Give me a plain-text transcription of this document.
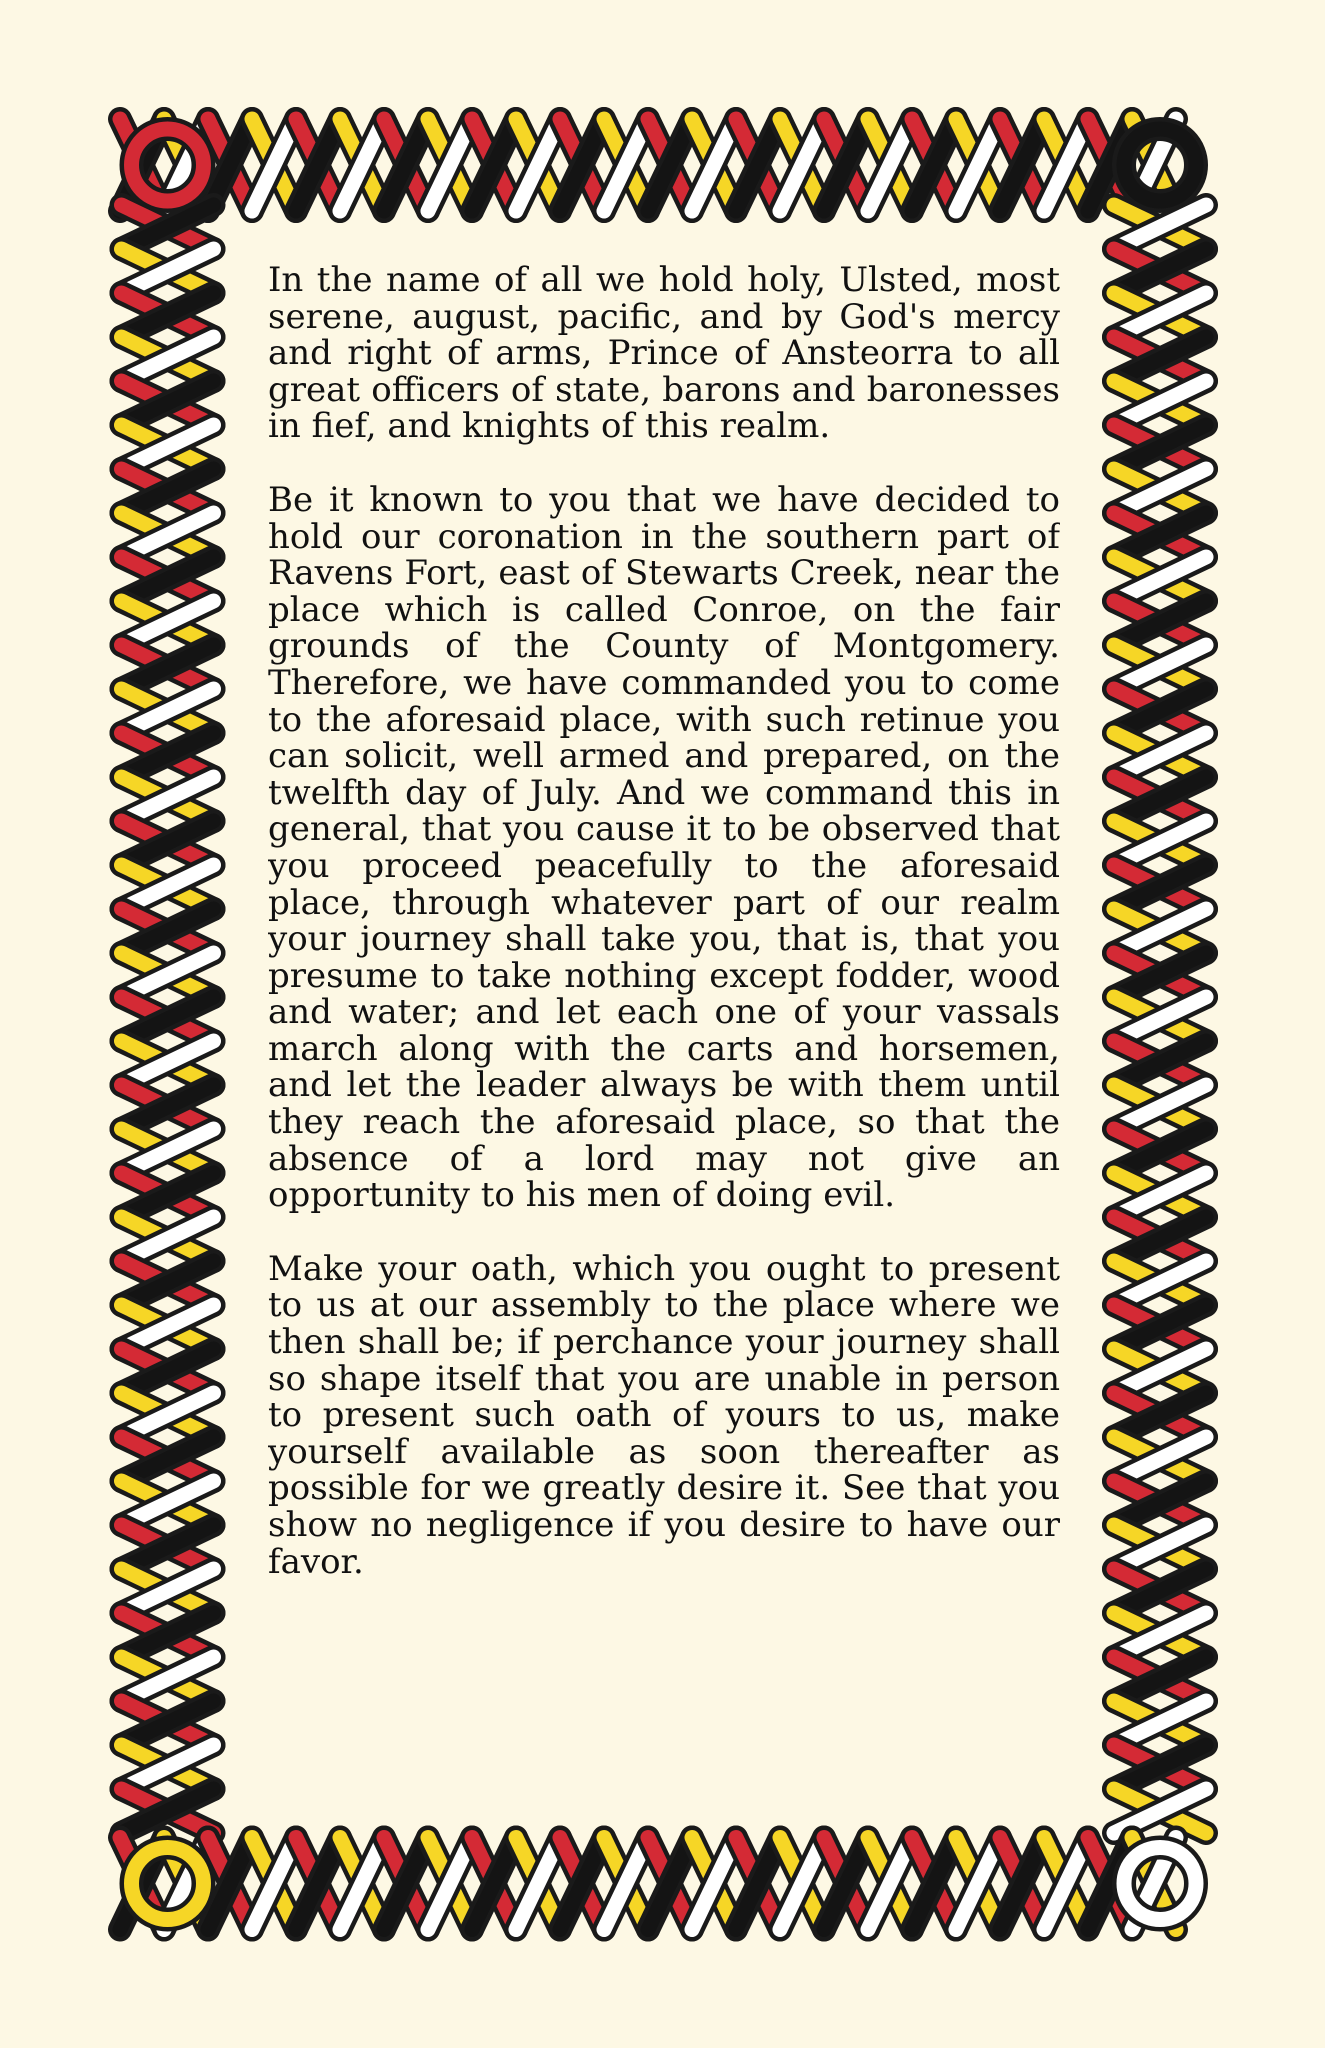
In the name of all we hold holy, Ulsted, most serene, august, pacific, and by God's mercy and right of arms, Prince of Ansteorra to all great officers of state, barons and baronesses in fief, and knights of this realm.

Be it known to you that we have decided to hold our coronation in the southern part of Ravens Fort, east of Stewarts Creek, near the place which is called Conroe, on the fair grounds of the County of Montgomery. Therefore, we have commanded you to come to the aforesaid place, with such retinue you can solicit, well armed and prepared, on the twelfth day of July. And we command this in general, that you cause it to be observed that you proceed peacefully to the aforesaid place, through whatever part of our realm your journey shall take you, that is, that you presume to take nothing except fodder, wood and water; and let each one of your vassals march along with the carts and horsemen, and let the leader always be with them until they reach the aforesaid place, so that the absence of a lord may not give an opportunity to his men of doing evil.

Make your oath, which you ought to present to us at our assembly to the place where we then shall be; if perchance your journey shall so shape itself that you are unable in person to present such oath of yours to us, make yourself available as soon thereafter as possible for we greatly desire it. See that you show no negligence if you desire to have our favor.
